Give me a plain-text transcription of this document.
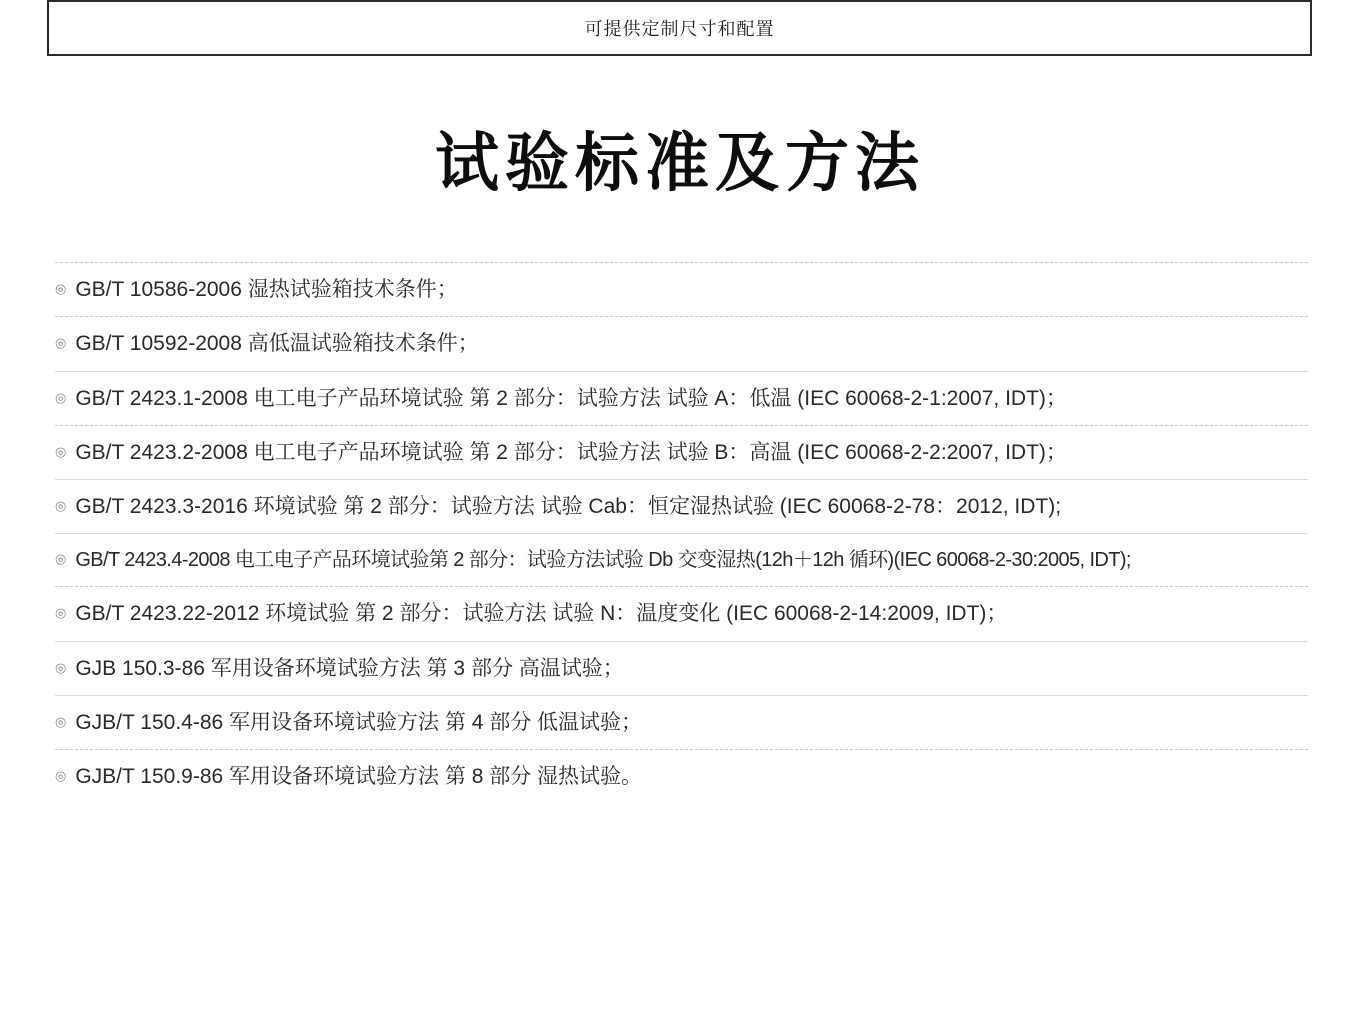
可提供定制尺寸和配置
试验标准及方法
◎ GB/T 10586-2006 湿热试验箱技术条件；
◎ GB/T 10592-2008 高低温试验箱技术条件；
◎ GB/T 2423.1-2008 电工电子产品环境试验 第 2 部分：试验方法 试验 A：低温 (IEC 60068-2-1:2007, IDT)；
◎ GB/T 2423.2-2008 电工电子产品环境试验 第 2 部分：试验方法 试验 B：高温 (IEC 60068-2-2:2007, IDT)；
◎ GB/T 2423.3-2016 环境试验 第 2 部分：试验方法 试验 Cab：恒定湿热试验 (IEC 60068-2-78：2012, IDT);
◎ GB/T 2423.4-2008 电工电子产品环境试验第 2 部分：试验方法试验 Db 交变湿热(12h＋12h 循环)(IEC 60068-2-30:2005, IDT);
◎ GB/T 2423.22-2012 环境试验 第 2 部分：试验方法 试验 N：温度变化 (IEC 60068-2-14:2009, IDT)；
◎ GJB 150.3-86 军用设备环境试验方法 第 3 部分 高温试验；
◎ GJB/T 150.4-86 军用设备环境试验方法 第 4 部分 低温试验；
◎ GJB/T 150.9-86 军用设备环境试验方法 第 8 部分 湿热试验。
